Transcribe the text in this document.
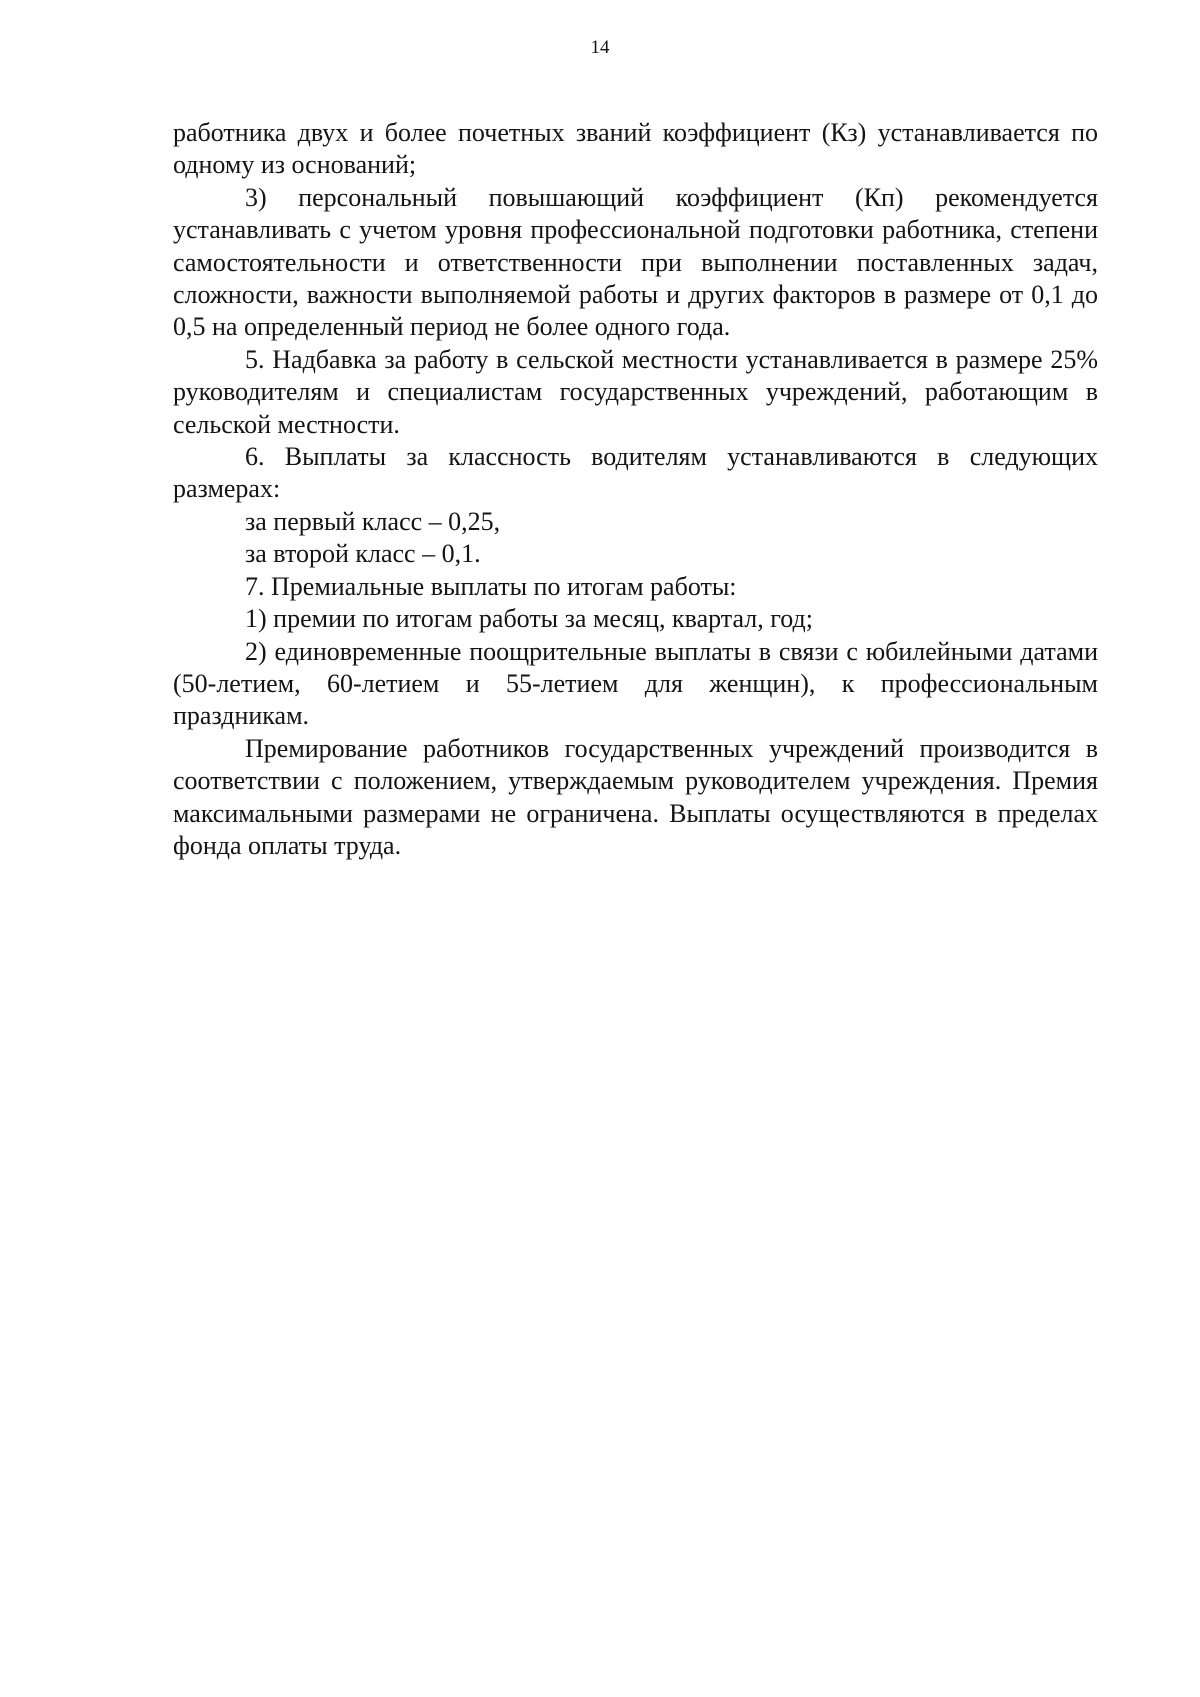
14

работника двух и более почетных званий коэффициент (Кз) устанавливается по одному из оснований;

3) персональный повышающий коэффициент (Кп) рекомендуется устанавливать с учетом уровня профессиональной подготовки работника, степени самостоятельности и ответственности при выполнении поставленных задач, сложности, важности выполняемой работы и других факторов в размере от 0,1 до 0,5 на определенный период не более одного года.

5. Надбавка за работу в сельской местности устанавливается в размере 25% руководителям и специалистам государственных учреждений, работающим в сельской местности.

6. Выплаты за классность водителям устанавливаются в следующих размерах:

за первый класс – 0,25,

за второй класс – 0,1.

7. Премиальные выплаты по итогам работы:

1) премии по итогам работы за месяц, квартал, год;

2) единовременные поощрительные выплаты в связи с юбилейными датами (50-летием, 60-летием и 55-летием для женщин), к профессиональным праздникам.

Премирование работников государственных учреждений производится в соответствии с положением, утверждаемым руководителем учреждения. Премия максимальными размерами не ограничена. Выплаты осуществляются в пределах фонда оплаты труда.
